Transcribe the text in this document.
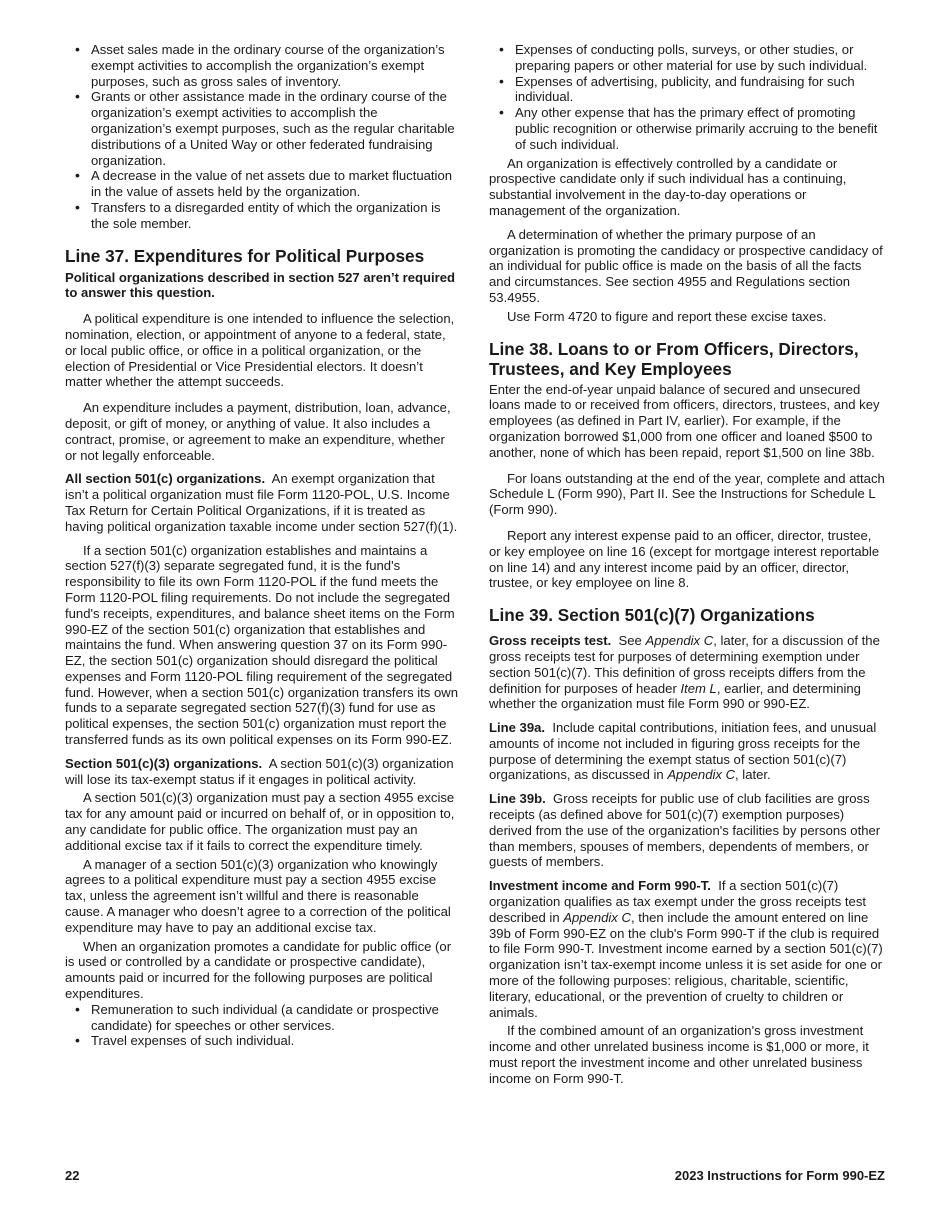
• Asset sales made in the ordinary course of the organization’s exempt activities to accomplish the organization’s exempt purposes, such as gross sales of inventory.
• Grants or other assistance made in the ordinary course of the organization’s exempt activities to accomplish the organization’s exempt purposes, such as the regular charitable distributions of a United Way or other federated fundraising organization.
• A decrease in the value of net assets due to market fluctuation in the value of assets held by the organization.
• Transfers to a disregarded entity of which the organization is the sole member.
Line 37. Expenditures for Political Purposes

Political organizations described in section 527 aren’t required to answer this question.

A political expenditure is one intended to influence the selection, nomination, election, or appointment of anyone to a federal, state, or local public office, or office in a political organization, or the election of Presidential or Vice Presidential electors. It doesn’t matter whether the attempt succeeds.

An expenditure includes a payment, distribution, loan, advance, deposit, or gift of money, or anything of value. It also includes a contract, promise, or agreement to make an expenditure, whether or not legally enforceable.

All section 501(c) organizations. An exempt organization that isn’t a political organization must file Form 1120-POL, U.S. Income Tax Return for Certain Political Organizations, if it is treated as having political organization taxable income under section 527(f)(1).

If a section 501(c) organization establishes and maintains a section 527(f)(3) separate segregated fund, it is the fund's responsibility to file its own Form 1120-POL if the fund meets the Form 1120-POL filing requirements. Do not include the segregated fund's receipts, expenditures, and balance sheet items on the Form 990-EZ of the section 501(c) organization that establishes and maintains the fund. When answering question 37 on its Form 990-EZ, the section 501(c) organization should disregard the political expenses and Form 1120-POL filing requirement of the segregated fund. However, when a section 501(c) organization transfers its own funds to a separate segregated section 527(f)(3) fund for use as political expenses, the section 501(c) organization must report the transferred funds as its own political expenses on its Form 990-EZ.

Section 501(c)(3) organizations. A section 501(c)(3) organization will lose its tax-exempt status if it engages in political activity.

A section 501(c)(3) organization must pay a section 4955 excise tax for any amount paid or incurred on behalf of, or in opposition to, any candidate for public office. The organization must pay an additional excise tax if it fails to correct the expenditure timely.

A manager of a section 501(c)(3) organization who knowingly agrees to a political expenditure must pay a section 4955 excise tax, unless the agreement isn’t willful and there is reasonable cause. A manager who doesn’t agree to a correction of the political expenditure may have to pay an additional excise tax.

When an organization promotes a candidate for public office (or is used or controlled by a candidate or prospective candidate), amounts paid or incurred for the following purposes are political expenditures.

• Remuneration to such individual (a candidate or prospective candidate) for speeches or other services.
• Travel expenses of such individual.
• Expenses of conducting polls, surveys, or other studies, or preparing papers or other material for use by such individual.
• Expenses of advertising, publicity, and fundraising for such individual.
• Any other expense that has the primary effect of promoting public recognition or otherwise primarily accruing to the benefit of such individual.

An organization is effectively controlled by a candidate or prospective candidate only if such individual has a continuing, substantial involvement in the day-to-day operations or management of the organization.

A determination of whether the primary purpose of an organization is promoting the candidacy or prospective candidacy of an individual for public office is made on the basis of all the facts and circumstances. See section 4955 and Regulations section 53.4955.

Use Form 4720 to figure and report these excise taxes.

Line 38. Loans to or From Officers, Directors, Trustees, and Key Employees

Enter the end-of-year unpaid balance of secured and unsecured loans made to or received from officers, directors, trustees, and key employees (as defined in Part IV, earlier). For example, if the organization borrowed $1,000 from one officer and loaned $500 to another, none of which has been repaid, report $1,500 on line 38b.

For loans outstanding at the end of the year, complete and attach Schedule L (Form 990), Part II. See the Instructions for Schedule L (Form 990).

Report any interest expense paid to an officer, director, trustee, or key employee on line 16 (except for mortgage interest reportable on line 14) and any interest income paid by an officer, director, trustee, or key employee on line 8.

Line 39. Section 501(c)(7) Organizations

Gross receipts test. See Appendix C, later, for a discussion of the gross receipts test for purposes of determining exemption under section 501(c)(7). This definition of gross receipts differs from the definition for purposes of header Item L, earlier, and determining whether the organization must file Form 990 or 990-EZ.

Line 39a. Include capital contributions, initiation fees, and unusual amounts of income not included in figuring gross receipts for the purpose of determining the exempt status of section 501(c)(7) organizations, as discussed in Appendix C, later.

Line 39b. Gross receipts for public use of club facilities are gross receipts (as defined above for 501(c)(7) exemption purposes) derived from the use of the organization's facilities by persons other than members, spouses of members, dependents of members, or guests of members.

Investment income and Form 990-T. If a section 501(c)(7) organization qualifies as tax exempt under the gross receipts test described in Appendix C, then include the amount entered on line 39b of Form 990-EZ on the club's Form 990-T if the club is required to file Form 990-T. Investment income earned by a section 501(c)(7) organization isn’t tax-exempt income unless it is set aside for one or more of the following purposes: religious, charitable, scientific, literary, educational, or the prevention of cruelty to children or animals.

If the combined amount of an organization's gross investment income and other unrelated business income is $1,000 or more, it must report the investment income and other unrelated business income on Form 990-T.

22	2023 Instructions for Form 990-EZ
